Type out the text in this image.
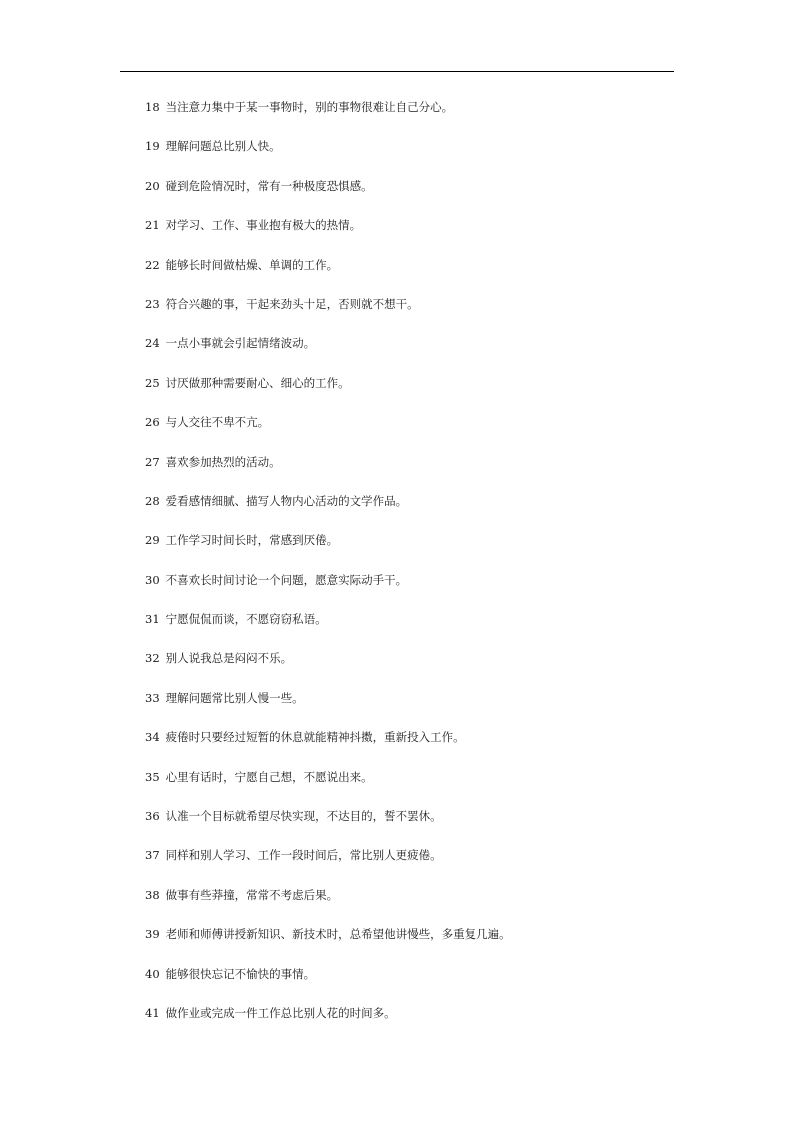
18 当注意力集中于某一事物时，别的事物很难让自己分心。
19 理解问题总比别人快。
20 碰到危险情况时，常有一种极度恐惧感。
21 对学习、工作、事业抱有极大的热情。
22 能够长时间做枯燥、单调的工作。
23 符合兴趣的事，干起来劲头十足，否则就不想干。
24 一点小事就会引起情绪波动。
25 讨厌做那种需要耐心、细心的工作。
26 与人交往不卑不亢。
27 喜欢参加热烈的活动。
28 爱看感情细腻、描写人物内心活动的文学作品。
29 工作学习时间长时，常感到厌倦。
30 不喜欢长时间讨论一个问题，愿意实际动手干。
31 宁愿侃侃而谈，不愿窃窃私语。
32 别人说我总是闷闷不乐。
33 理解问题常比别人慢一些。
34 疲倦时只要经过短暂的休息就能精神抖擞，重新投入工作。
35 心里有话时，宁愿自己想，不愿说出来。
36 认准一个目标就希望尽快实现，不达目的，誓不罢休。
37 同样和别人学习、工作一段时间后，常比别人更疲倦。
38 做事有些莽撞，常常不考虑后果。
39 老师和师傅讲授新知识、新技术时，总希望他讲慢些，多重复几遍。
40 能够很快忘记不愉快的事情。
41 做作业或完成一件工作总比别人花的时间多。
